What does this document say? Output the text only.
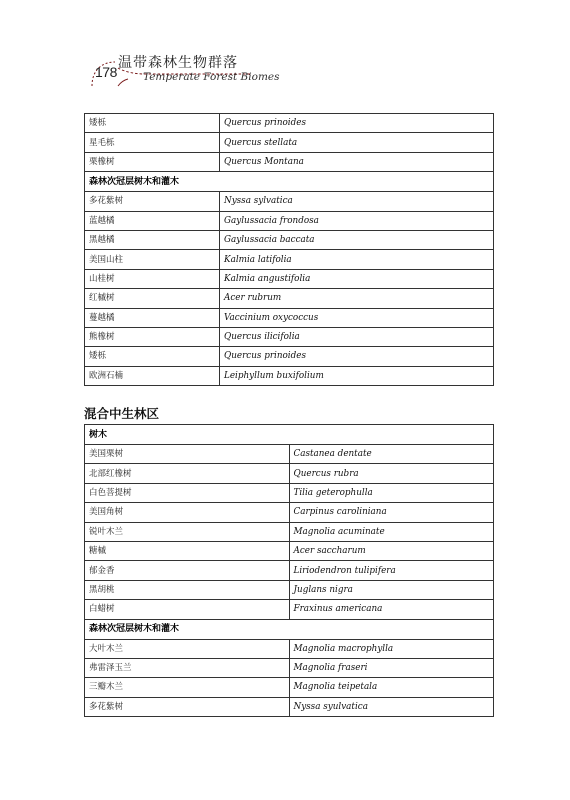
178
温带森林生物群落
Temperate Forest Biomes
矮栎	Quercus prinoides
星毛栎	Quercus stellata
栗橡树	Quercus Montana
森林次冠层树木和灌木	
多花紫树	Nyssa sylvatica
蓝越橘	Gaylussacia frondosa
黑越橘	Gaylussacia baccata
美国山柱	Kalmia latifolia
山桂树	Kalmia angustifolia
红槭树	Acer rubrum
蔓越橘	Vaccinium oxycoccus
熊橡树	Quercus ilicifolia
矮栎	Quercus prinoides
欧洲石楠	Leiphyllum buxifolium
混合中生林区
树木	
美国栗树	Castanea dentate
北部红橡树	Quercus rubra
白色菩提树	Tilia geterophulla
美国角树	Carpinus caroliniana
锐叶木兰	Magnolia acuminate
糖槭	Acer saccharum
郁金香	Liriodendron tulipifera
黑胡桃	Juglans nigra
白蜡树	Fraxinus americana
森林次冠层树木和灌木	
大叶木兰	Magnolia macrophylla
弗雷泽玉兰	Magnolia fraseri
三瓣木兰	Magnolia teipetala
多花紫树	Nyssa syulvatica
